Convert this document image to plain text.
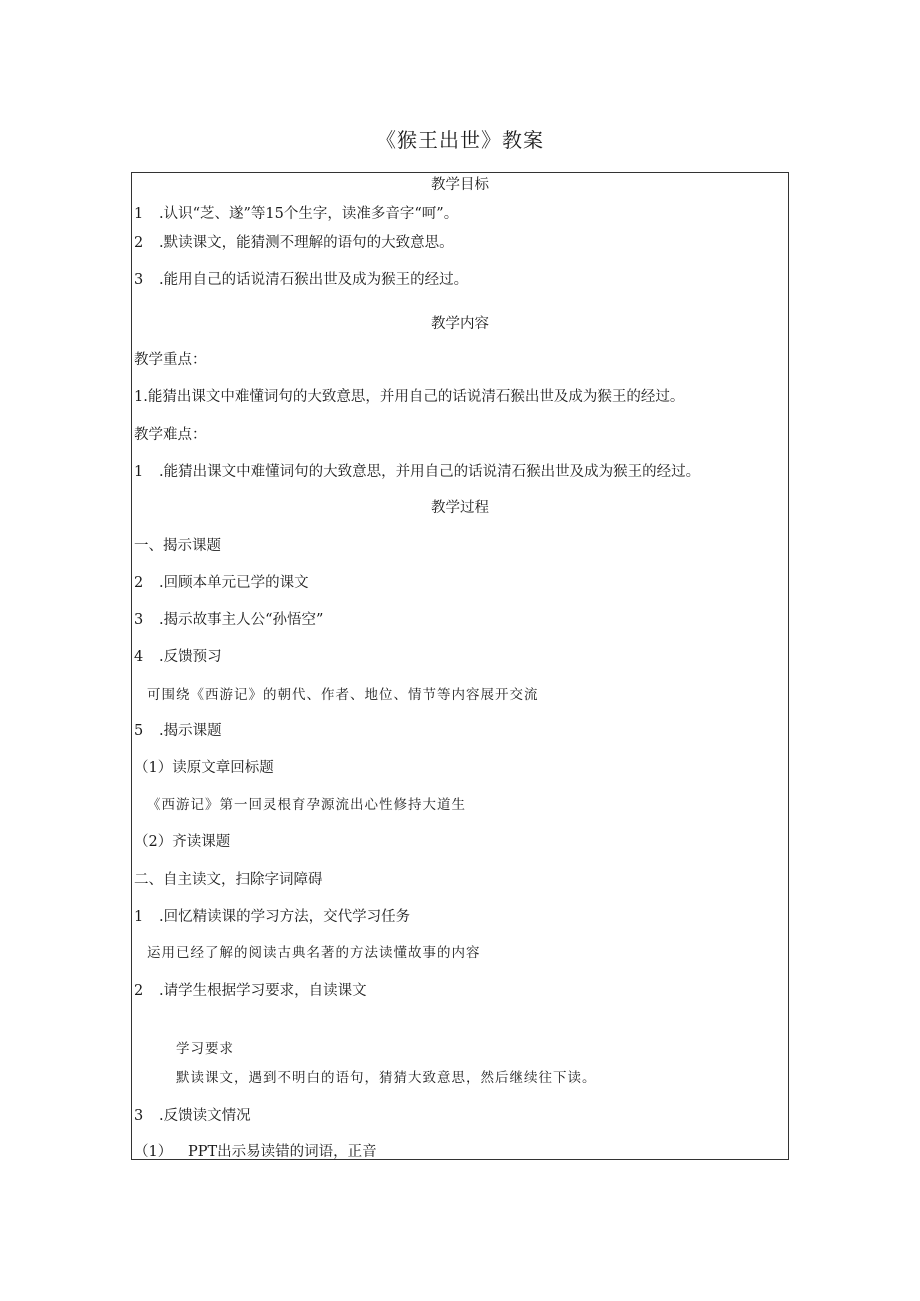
《猴王出世》教案
教学目标
1 .认识“芝、遂”等15个生字，读准多音字“呵”。
2 .默读课文，能猜测不理解的语句的大致意思。
3 .能用自己的话说清石猴出世及成为猴王的经过。
教学内容
教学重点：
1.能猜出课文中难懂词句的大致意思，并用自己的话说清石猴出世及成为猴王的经过。
教学难点：
1 .能猜出课文中难懂词句的大致意思，并用自己的话说清石猴出世及成为猴王的经过。
教学过程
一、揭示课题
2 .回顾本单元已学的课文
3 .揭示故事主人公“孙悟空”
4 .反馈预习
可围绕《西游记》的朝代、作者、地位、情节等内容展开交流
5 .揭示课题
（1）读原文章回标题
《西游记》第一回灵根育孕源流出心性修持大道生
（2）齐读课题
二、自主读文，扫除字词障碍
1 .回忆精读课的学习方法，交代学习任务
运用已经了解的阅读古典名著的方法读懂故事的内容
2 .请学生根据学习要求，自读课文
学习要求
默读课文，遇到不明白的语句，猜猜大致意思，然后继续往下读。
3 .反馈读文情况
（1） PPT出示易读错的词语，正音
